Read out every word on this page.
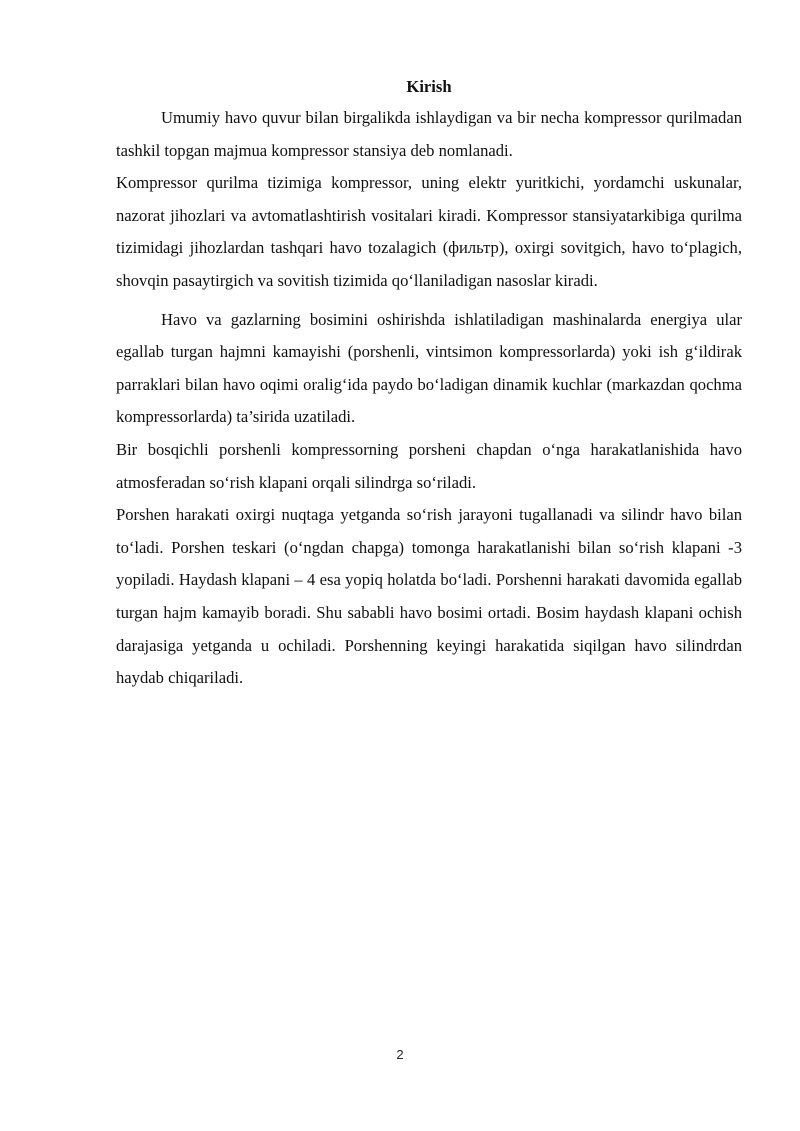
Kirish

Umumiy havo quvur bilan birgalikda ishlaydigan va bir necha kompressor qurilmadan tashkil topgan majmua kompressor stansiya deb nomlanadi.

Kompressor qurilma tizimiga kompressor, uning elektr yuritkichi, yordamchi uskunalar, nazorat jihozlari va avtomatlashtirish vositalari kiradi. Kompressor stansiyatarkibiga qurilma tizimidagi jihozlardan tashqari havo tozalagich (фильтр), oxirgi sovitgich, havo to‘plagich, shovqin pasaytirgich va sovitish tizimida qo‘llaniladigan nasoslar kiradi.

Havo va gazlarning bosimini oshirishda ishlatiladigan mashinalarda energiya ular egallab turgan hajmni kamayishi (porshenli, vintsimon kompressorlarda) yoki ish g‘ildirak parraklari bilan havo oqimi oralig‘ida paydo bo‘ladigan dinamik kuchlar (markazdan qochma kompressorlarda) ta’sirida uzatiladi.

Bir bosqichli porshenli kompressorning porsheni chapdan o‘nga harakatlanishida havo atmosferadan so‘rish klapani orqali silindrga so‘riladi.

Porshen harakati oxirgi nuqtaga yetganda so‘rish jarayoni tugallanadi va silindr havo bilan to‘ladi. Porshen teskari (o‘ngdan chapga) tomonga harakatlanishi bilan so‘rish klapani -3 yopiladi. Haydash klapani – 4 esa yopiq holatda bo‘ladi. Porshenni harakati davomida egallab turgan hajm kamayib boradi. Shu sababli havo bosimi ortadi. Bosim haydash klapani ochish darajasiga yetganda u ochiladi. Porshenning keyingi harakatida siqilgan havo silindrdan haydab chiqariladi.

2
